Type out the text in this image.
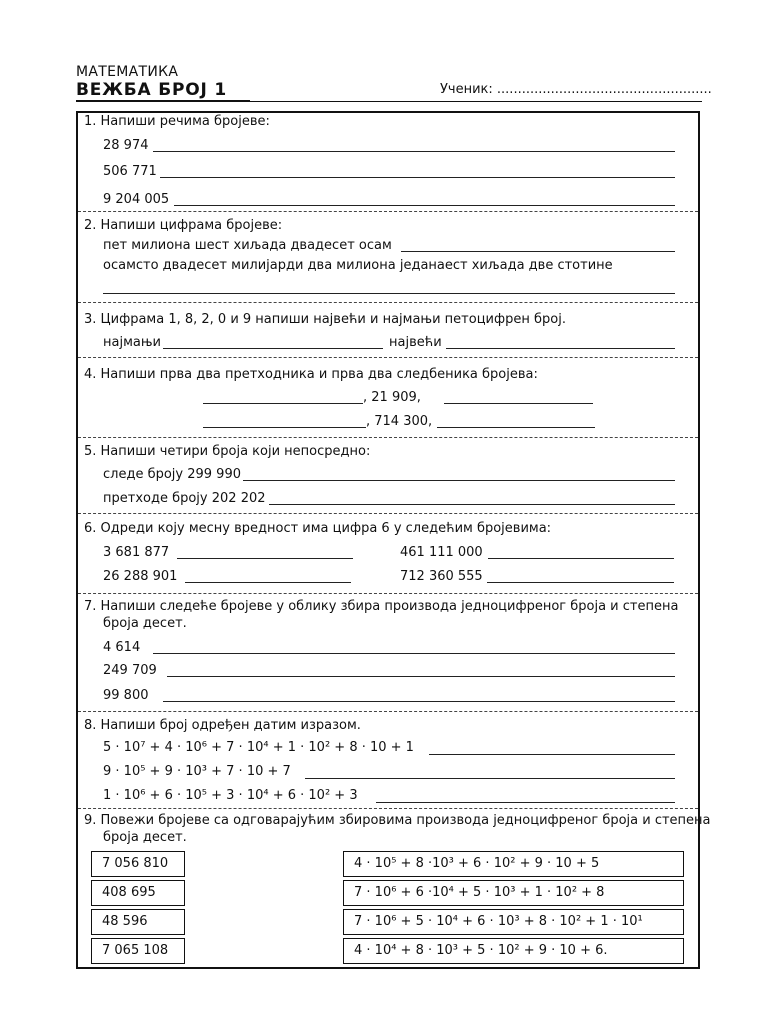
МАТЕМАТИКА
ВЕЖБА БРОЈ 1	Ученик: ....................................................
1. Напиши речима бројеве:
28 974
506 771
9 204 005
2. Напиши цифрама бројеве:
пет милиона шест хиљада двадесет осам
осамсто двадесет милијарди два милиона једанаест хиљада две стотине
3. Цифрама 1, 8, 2, 0 и 9 напиши највећи и најмањи петоцифрен број.
најмањи	највећи
4. Напиши прва два претходника и прва два следбеника бројева:
, 21 909,
, 714 300,
5. Напиши четири броја који непосредно:
следе броју 299 990
претходе броју 202 202
6. Одреди коју месну вредност има цифра 6 у следећим бројевима:
3 681 877	461 111 000
26 288 901	712 360 555
7. Напиши следеће бројеве у облику збира производа једноцифреног броја и степена
броја десет.
4 614
249 709
99 800
8. Напиши број одређен датим изразом.
5 · 10⁷ + 4 · 10⁶ + 7 · 10⁴ + 1 · 10² + 8 · 10 + 1
9 · 10⁵ + 9 · 10³ + 7 · 10 + 7
1 · 10⁶ + 6 · 10⁵ + 3 · 10⁴ + 6 · 10² + 3
9. Повежи бројеве са одговарајућим збировима производа једноцифреног броја и степена
броја десет.
7 056 810
408 695
48 596
7 065 108
4 · 10⁵ + 8 ·10³ + 6 · 10² + 9 · 10 + 5
7 · 10⁶ + 6 ·10⁴ + 5 · 10³ + 1 · 10² + 8
7 · 10⁶ + 5 · 10⁴ + 6 · 10³ + 8 · 10² + 1 · 10¹
4 · 10⁴ + 8 · 10³ + 5 · 10² + 9 · 10 + 6.
